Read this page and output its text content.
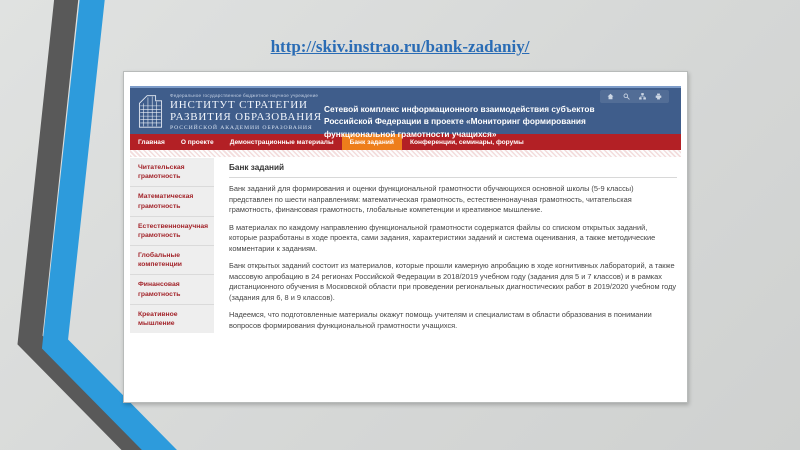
http://skiv.instrao.ru/bank-zadaniy/
Федеральное государственное бюджетное научное учреждение
ИНСТИТУТ СТРАТЕГИИ
РАЗВИТИЯ ОБРАЗОВАНИЯ
РОССИЙСКОЙ АКАДЕМИИ ОБРАЗОВАНИЯ
Сетевой комплекс информационного взаимодействия субъектов Российской Федерации в проекте «Мониторинг формирования функциональной грамотности учащихся»
Главная	О проекте	Демонстрационные материалы	Банк заданий	Конференции, семинары, форумы
Читательская грамотность
Математическая грамотность
Естественнонаучная грамотность
Глобальные компетенции
Финансовая грамотность
Креативное мышление
Банк заданий

Банк заданий для формирования и оценки функциональной грамотности обучающихся основной школы (5-9 классы) представлен по шести направлениям: математическая грамотность, естественнонаучная грамотность, читательская грамотность, финансовая грамотность, глобальные компетенции и креативное мышление.

В материалах по каждому направлению функциональной грамотности содержатся файлы со списком открытых заданий, которые разработаны в ходе проекта, сами задания, характеристики заданий и система оценивания, а также методические комментарии к заданиям.

Банк открытых заданий состоит из материалов, которые прошли камерную апробацию в ходе когнитивных лабораторий, а также массовую апробацию в 24 регионах Российской Федерации в 2018/2019 учебном году (задания для 5 и 7 классов) и в рамках дистанционного обучения в Московской области при проведении региональных диагностических работ в 2019/2020 учебном году (задания для 6, 8 и 9 классов).

Надеемся, что подготовленные материалы окажут помощь учителям и специалистам в области образования в понимании вопросов формирования функциональной грамотности учащихся.
